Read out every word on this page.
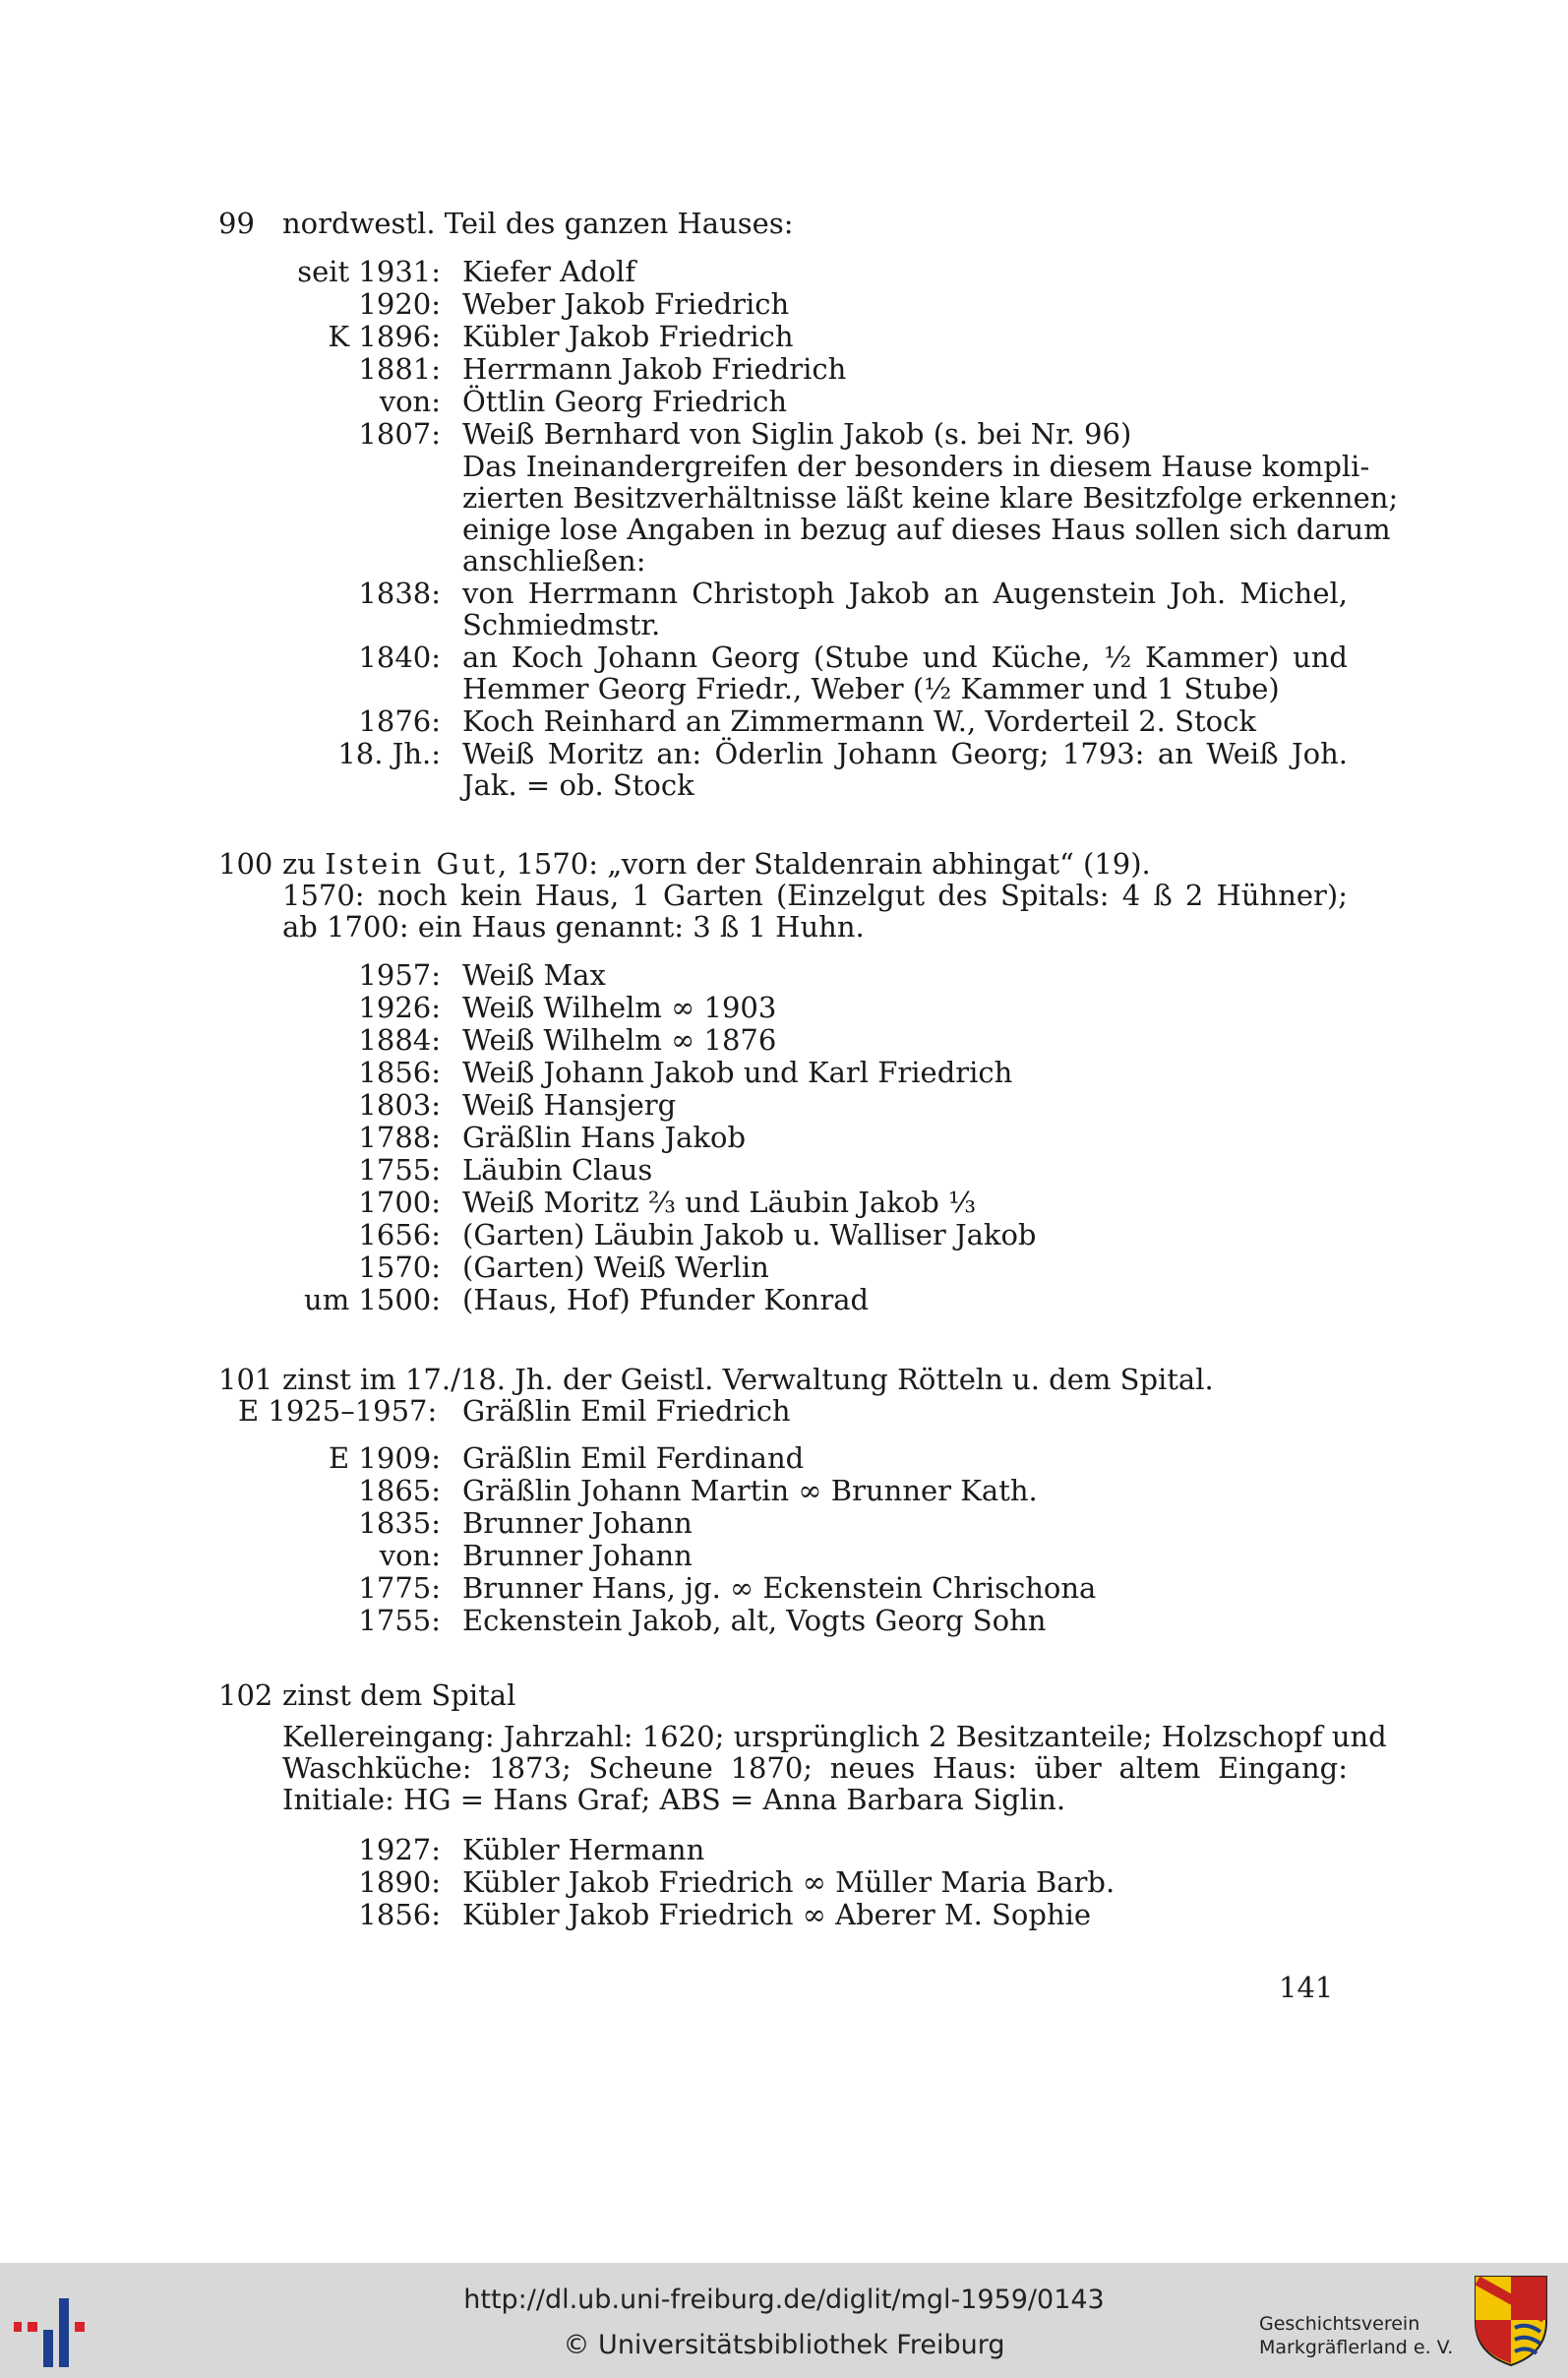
99 nordwestl. Teil des ganzen Hauses:
seit 1931: Kiefer Adolf
1920: Weber Jakob Friedrich
K 1896: Kübler Jakob Friedrich
1881: Herrmann Jakob Friedrich
von: Öttlin Georg Friedrich
1807: Weiß Bernhard von Siglin Jakob (s. bei Nr. 96)
Das Ineinandergreifen der besonders in diesem Hause kompli-
zierten Besitzverhältnisse läßt keine klare Besitzfolge erkennen;
einige lose Angaben in bezug auf dieses Haus sollen sich darum
anschließen:
1838: von Herrmann Christoph Jakob an Augenstein Joh. Michel,
Schmiedmstr.
1840: an Koch Johann Georg (Stube und Küche, ½ Kammer) und
Hemmer Georg Friedr., Weber (½ Kammer und 1 Stube)
1876: Koch Reinhard an Zimmermann W., Vorderteil 2. Stock
18. Jh.: Weiß Moritz an: Öderlin Johann Georg; 1793: an Weiß Joh.
Jak. = ob. Stock
100 zu Istein Gut, 1570: „vorn der Staldenrain abhingat“ (19).
1570: noch kein Haus, 1 Garten (Einzelgut des Spitals: 4 ß 2 Hühner);
ab 1700: ein Haus genannt: 3 ß 1 Huhn.
1957: Weiß Max
1926: Weiß Wilhelm ∞ 1903
1884: Weiß Wilhelm ∞ 1876
1856: Weiß Johann Jakob und Karl Friedrich
1803: Weiß Hansjerg
1788: Gräßlin Hans Jakob
1755: Läubin Claus
1700: Weiß Moritz ⅔ und Läubin Jakob ⅓
1656: (Garten) Läubin Jakob u. Walliser Jakob
1570: (Garten) Weiß Werlin
um 1500: (Haus, Hof) Pfunder Konrad
101 zinst im 17./18. Jh. der Geistl. Verwaltung Rötteln u. dem Spital.
E 1925–1957: Gräßlin Emil Friedrich
E 1909: Gräßlin Emil Ferdinand
1865: Gräßlin Johann Martin ∞ Brunner Kath.
1835: Brunner Johann
von: Brunner Johann
1775: Brunner Hans, jg. ∞ Eckenstein Chrischona
1755: Eckenstein Jakob, alt, Vogts Georg Sohn
102 zinst dem Spital
Kellereingang: Jahrzahl: 1620; ursprünglich 2 Besitzanteile; Holzschopf und
Waschküche: 1873; Scheune 1870; neues Haus: über altem Eingang:
Initiale: HG = Hans Graf; ABS = Anna Barbara Siglin.
1927: Kübler Hermann
1890: Kübler Jakob Friedrich ∞ Müller Maria Barb.
1856: Kübler Jakob Friedrich ∞ Aberer M. Sophie
141
http://dl.ub.uni-freiburg.de/diglit/mgl-1959/0143
© Universitätsbibliothek Freiburg
Geschichtsverein
Markgräflerland e. V.
